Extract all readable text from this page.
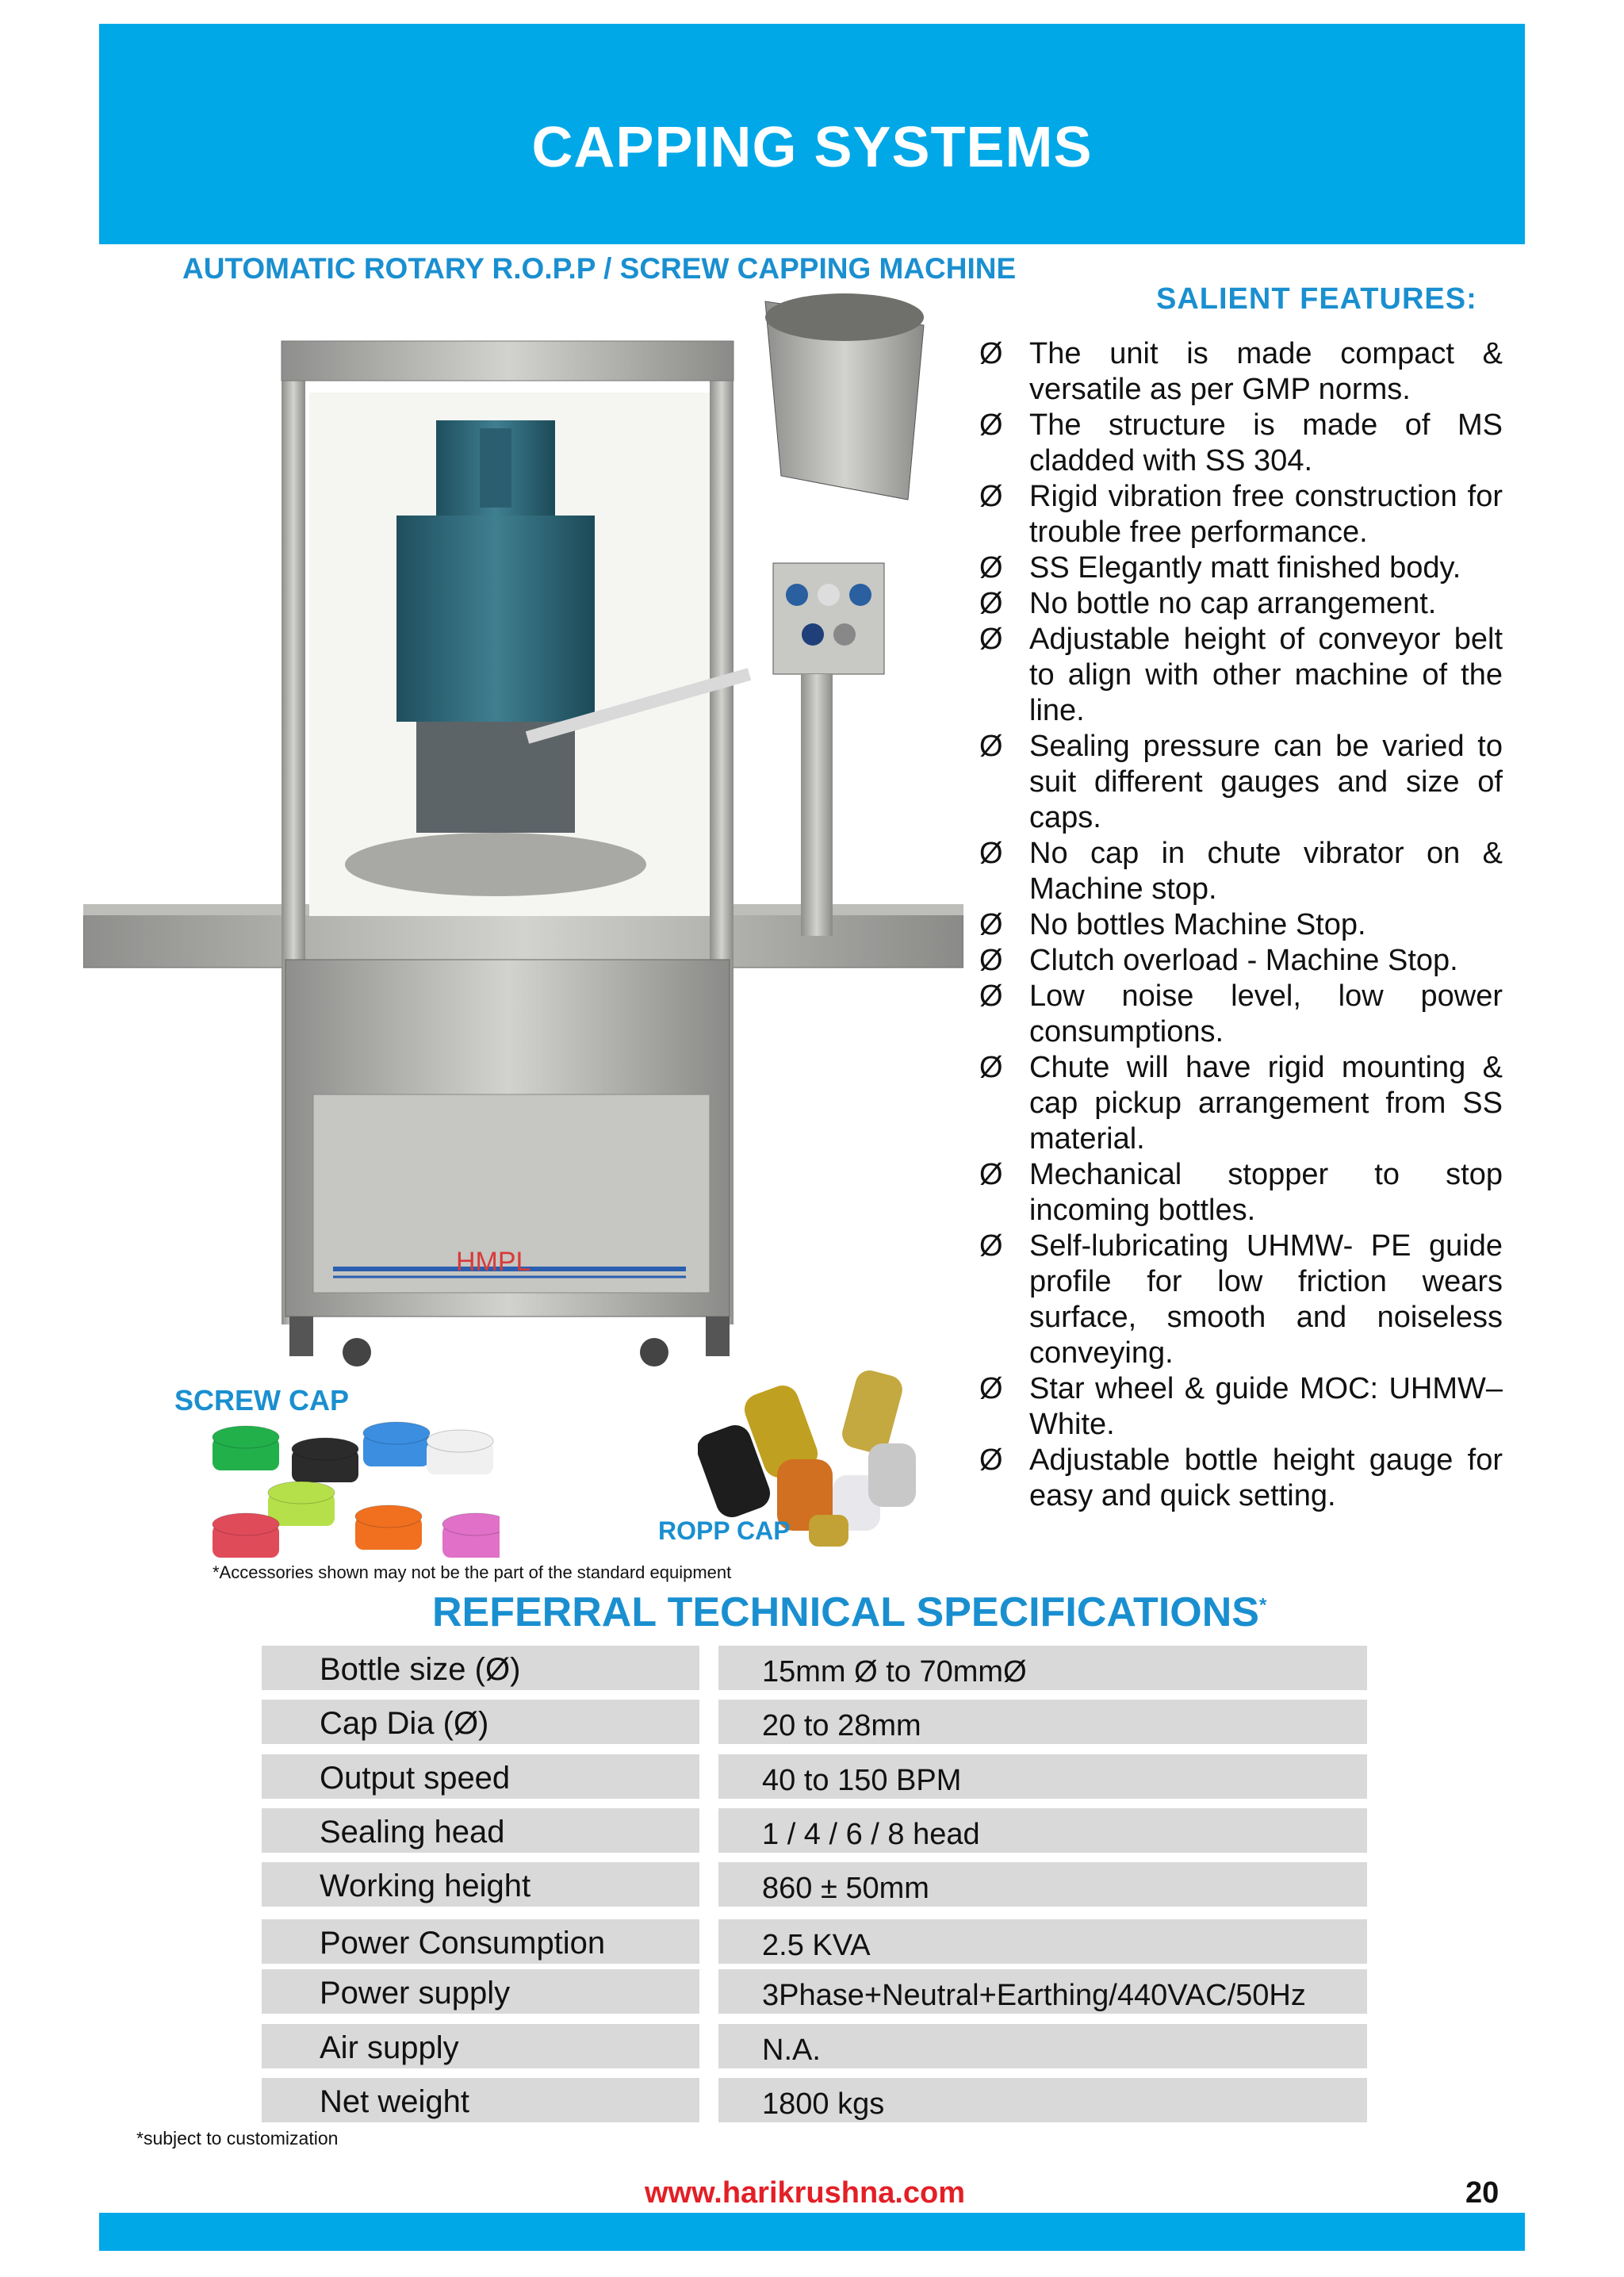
CAPPING SYSTEMS
AUTOMATIC ROTARY R.O.P.P / SCREW CAPPING MACHINE
SALIENT FEATURES:
Ø The unit is made compact & versatile as per GMP norms.
Ø The structure is made of MS cladded with SS 304.
Ø Rigid vibration free construction for trouble free performance.
Ø SS Elegantly matt finished body.
Ø No bottle no cap arrangement.
Ø Adjustable height of conveyor belt to align with other machine of the line.
Ø Sealing pressure can be varied to suit different gauges and size of caps.
Ø No cap in chute vibrator on & Machine stop.
Ø No bottles Machine Stop.
Ø Clutch overload - Machine Stop.
Ø Low noise level, low power consumptions.
Ø Chute will have rigid mounting & cap pickup arrangement from SS material.
Ø Mechanical stopper to stop incoming bottles.
Ø Self-lubricating UHMW- PE guide profile for low friction wears surface, smooth and noiseless conveying.
Ø Star wheel & guide MOC: UHMW–White.
Ø Adjustable bottle height gauge for easy and quick setting.
HMPL
SCREW CAP
ROPP CAP
*Accessories shown may not be the part of the standard equipment
REFERRAL TECHNICAL SPECIFICATIONS*
Bottle size (Ø)	15mm Ø to 70mmØ
Cap Dia (Ø)	20 to 28mm
Output speed	40 to 150 BPM
Sealing head	1 / 4 / 6 / 8 head
Working height	860 ± 50mm
Power Consumption	2.5 KVA
Power supply	3Phase+Neutral+Earthing/440VAC/50Hz
Air supply	N.A.
Net weight	1800 kgs
*subject to customization
www.harikrushna.com	20
